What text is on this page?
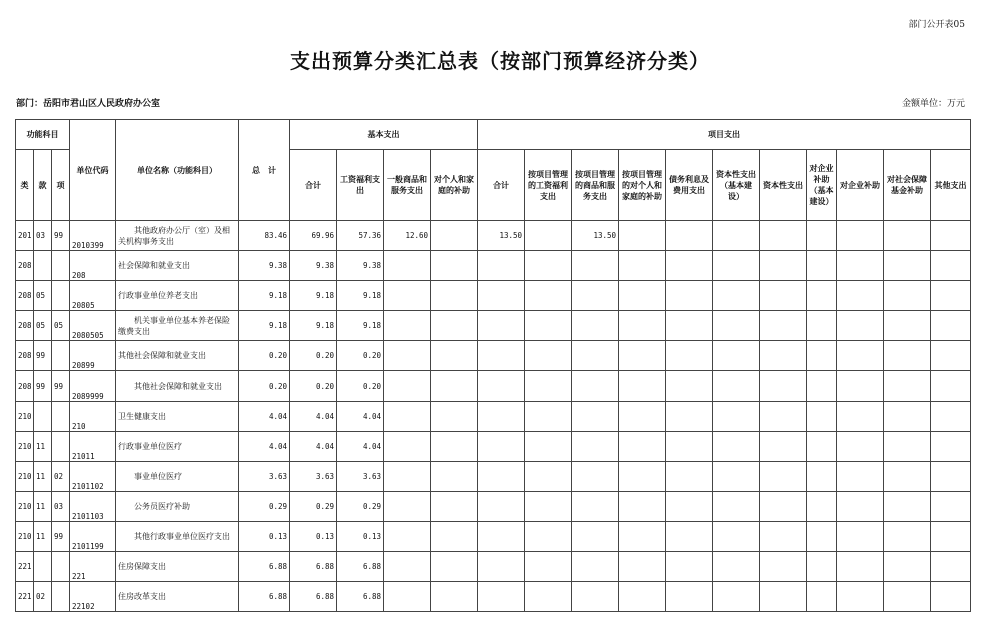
部门公开表05
支出预算分类汇总表（按部门预算经济分类）
部门：岳阳市君山区人民政府办公室	金额单位：万元
功能科目			单位代码	单位名称（功能科目）	总　计	基本支出				项目支出										
类	款	项				合计	工资福利支出	一般商品和服务支出	对个人和家庭的补助	合计	按项目管理的工资福利支出	按项目管理的商品和服务支出	按项目管理的对个人和家庭的补助	债务利息及费用支出	资本性支出（基本建设）	资本性支出	对企业补助（基本建设）	对企业补助	对社会保障基金补助	其他支出
201	03	99	2010399	其他政府办公厅（室）及相关机构事务支出	83.46	69.96	57.36	12.60		13.50		13.50								
208			208	社会保障和就业支出	9.38	9.38	9.38													
208	05		20805	行政事业单位养老支出	9.18	9.18	9.18													
208	05	05	2080505	机关事业单位基本养老保险缴费支出	9.18	9.18	9.18													
208	99		20899	其他社会保障和就业支出	0.20	0.20	0.20													
208	99	99	2089999	其他社会保障和就业支出	0.20	0.20	0.20													
210			210	卫生健康支出	4.04	4.04	4.04													
210	11		21011	行政事业单位医疗	4.04	4.04	4.04													
210	11	02	2101102	事业单位医疗	3.63	3.63	3.63													
210	11	03	2101103	公务员医疗补助	0.29	0.29	0.29													
210	11	99	2101199	其他行政事业单位医疗支出	0.13	0.13	0.13													
221			221	住房保障支出	6.88	6.88	6.88													
221	02		22102	住房改革支出	6.88	6.88	6.88													
